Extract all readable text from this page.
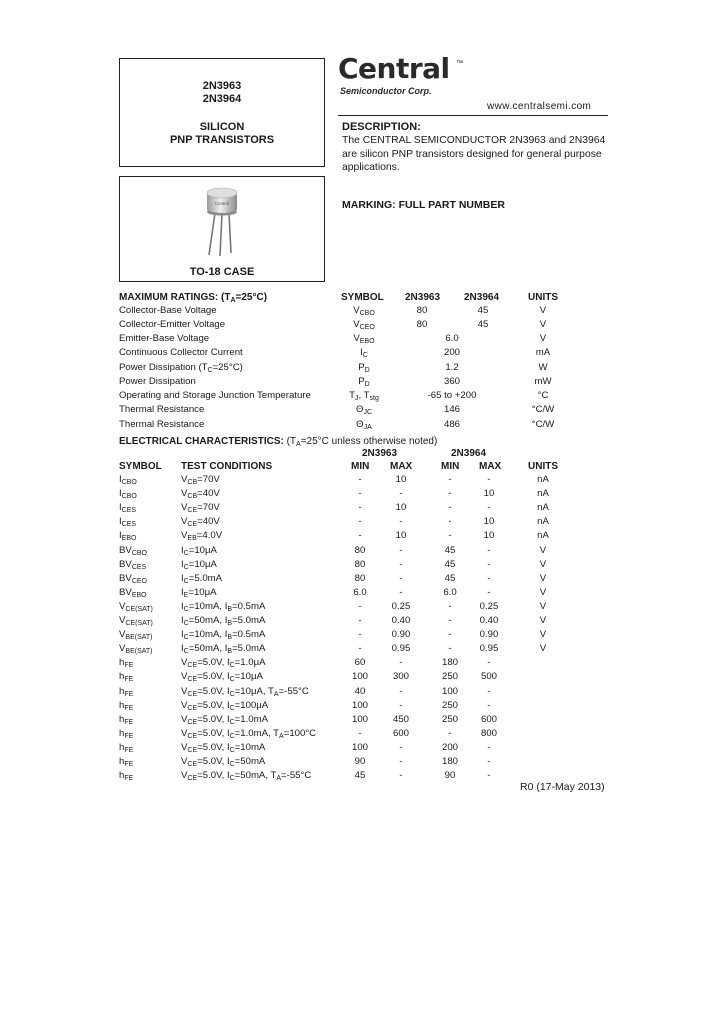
2N3963
2N3964
SILICON
PNP TRANSISTORS
Central
TO-18 CASE
Central ™
Semiconductor Corp.
www.centralsemi.com
DESCRIPTION:
The CENTRAL SEMICONDUCTOR 2N3963 and 2N3964 are silicon PNP transistors designed for general purpose applications.
MARKING: FULL PART NUMBER
MAXIMUM RATINGS: $(T_A=25^\circ C)$	SYMBOL 2N3963 2N3964	UNITS
Collector-Base Voltage	$V_{CBO}$	80	45	V
Collector-Emitter Voltage	$V_{CEO}$	80	45	V
Emitter-Base Voltage	$V_{EBO}$	6.0	V
Continuous Collector Current	$I_C$	200	mA
Power Dissipation $(T_C=25^\circ C)$	$P_D$	1.2	W
Power Dissipation	$P_D$	360	mW
Operating and Storage Junction Temperature	$T_J$, $T_{stg}$	-65 to +200	°C
Thermal Resistance	$\Theta_{JC}$	146	°C/W
Thermal Resistance	$\Theta_{JA}$	486	°C/W
ELECTRICAL CHARACTERISTICS: ($T_A=25^\circ C$ unless otherwise noted)
2N3963	2N3964
SYMBOL TEST CONDITIONS	MIN MAX	MIN MAX	UNITS
$I_{CBO}$	$V_{CB}=70V$	-	10	-	-	nA
$I_{CBO}$	$V_{CB}=40V$	-	-	-	10	nA
$I_{CES}$	$V_{CE}=70V$	-	10	-	-	nA
$I_{CES}$	$V_{CE}=40V$	-	-	-	10	nA
$I_{EBO}$	$V_{EB}=4.0V$	-	10	-	10	nA
$BV_{CBO}$	$I_C=10\mu A$	80	-	45	-	V
$BV_{CES}$	$I_C=10\mu A$	80	-	45	-	V
$BV_{CEO}$	$I_C=5.0mA$	80	-	45	-	V
$BV_{EBO}$	$I_E=10\mu A$	6.0	-	6.0	-	V
$V_{CE(SAT)}$	$I_C=10mA$, $I_B=0.5mA$	-	0.25	-	0.25	V
$V_{CE(SAT)}$	$I_C=50mA$, $I_B=5.0mA$	-	0.40	-	0.40	V
$V_{BE(SAT)}$	$I_C=10mA$, $I_B=0.5mA$	-	0.90	-	0.90	V
$V_{BE(SAT)}$	$I_C=50mA$, $I_B=5.0mA$	-	0.95	-	0.95	V
$h_{FE}$	$V_{CE}=5.0V$, $I_C=1.0\mu A$	60	-	180	-
$h_{FE}$	$V_{CE}=5.0V$, $I_C=10\mu A$	100	300	250	500
$h_{FE}$	$V_{CE}=5.0V$, $I_C=10\mu A$, $T_A=-55^\circ C$	40	-	100	-
$h_{FE}$	$V_{CE}=5.0V$, $I_C=100\mu A$	100	-	250	-
$h_{FE}$	$V_{CE}=5.0V$, $I_C=1.0mA$	100	450	250	600
$h_{FE}$	$V_{CE}=5.0V$, $I_C=1.0mA$, $T_A=100^\circ C$	-	600	-	800
$h_{FE}$	$V_{CE}=5.0V$, $I_C=10mA$	100	-	200	-
$h_{FE}$	$V_{CE}=5.0V$, $I_C=50mA$	90	-	180	-
$h_{FE}$	$V_{CE}=5.0V$, $I_C=50mA$, $T_A=-55^\circ C$	45	-	90	-
R0 (17-May 2013)
